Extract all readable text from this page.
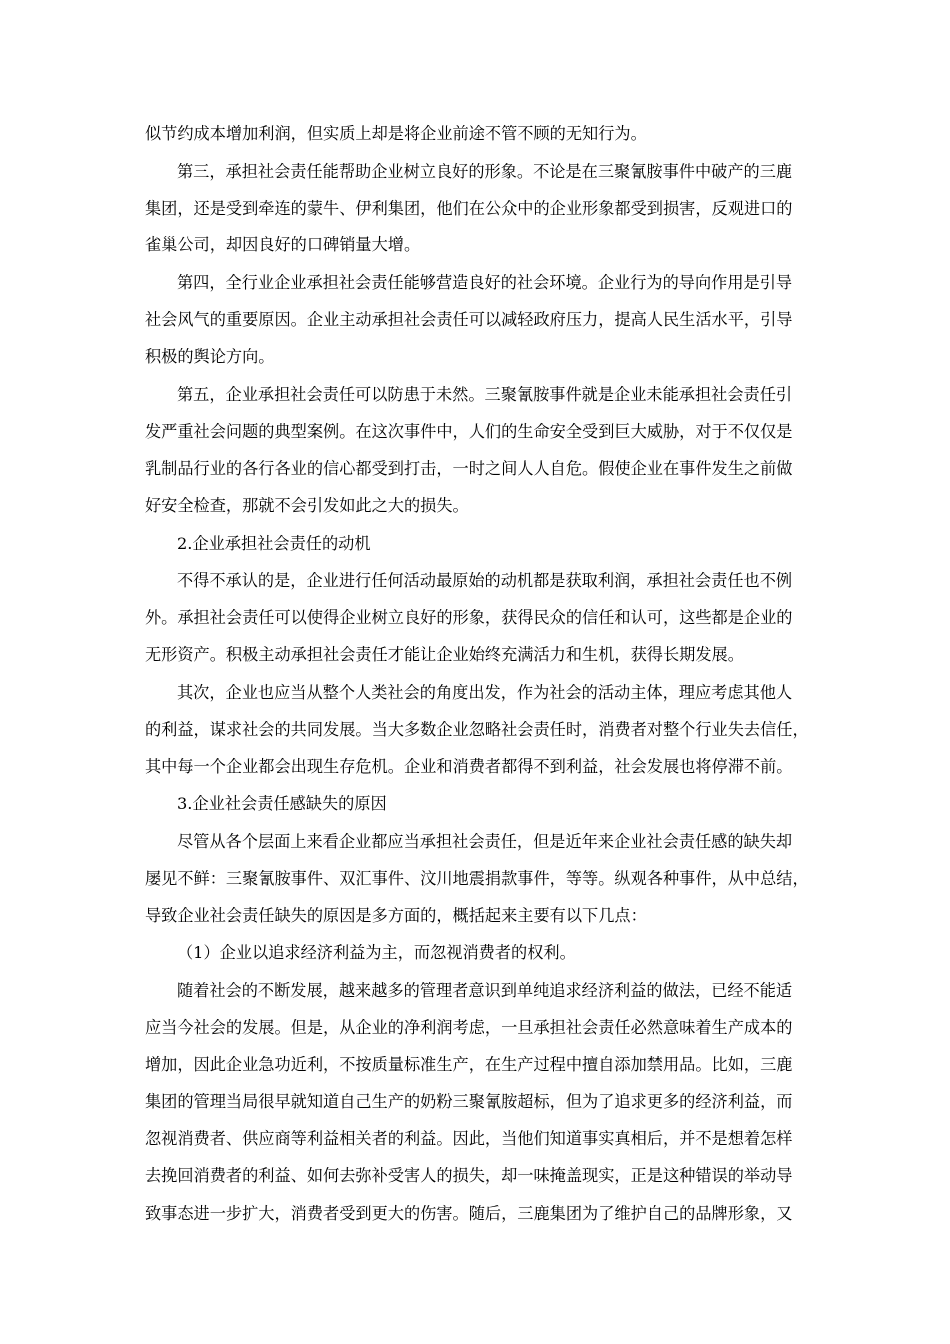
似节约成本增加利润，但实质上却是将企业前途不管不顾的无知行为。
第三，承担社会责任能帮助企业树立良好的形象。不论是在三聚氰胺事件中破产的三鹿
集团，还是受到牵连的蒙牛、伊利集团，他们在公众中的企业形象都受到损害，反观进口的
雀巢公司，却因良好的口碑销量大增。
第四，全行业企业承担社会责任能够营造良好的社会环境。企业行为的导向作用是引导
社会风气的重要原因。企业主动承担社会责任可以减轻政府压力，提高人民生活水平，引导
积极的舆论方向。
第五，企业承担社会责任可以防患于未然。三聚氰胺事件就是企业未能承担社会责任引
发严重社会问题的典型案例。在这次事件中，人们的生命安全受到巨大威胁，对于不仅仅是
乳制品行业的各行各业的信心都受到打击，一时之间人人自危。假使企业在事件发生之前做
好安全检查，那就不会引发如此之大的损失。
2.企业承担社会责任的动机
不得不承认的是，企业进行任何活动最原始的动机都是获取利润，承担社会责任也不例
外。承担社会责任可以使得企业树立良好的形象，获得民众的信任和认可，这些都是企业的
无形资产。积极主动承担社会责任才能让企业始终充满活力和生机，获得长期发展。
其次，企业也应当从整个人类社会的角度出发，作为社会的活动主体，理应考虑其他人
的利益，谋求社会的共同发展。当大多数企业忽略社会责任时，消费者对整个行业失去信任，
其中每一个企业都会出现生存危机。企业和消费者都得不到利益，社会发展也将停滞不前。
3.企业社会责任感缺失的原因
尽管从各个层面上来看企业都应当承担社会责任，但是近年来企业社会责任感的缺失却
屡见不鲜：三聚氰胺事件、双汇事件、汶川地震捐款事件，等等。纵观各种事件，从中总结，
导致企业社会责任缺失的原因是多方面的，概括起来主要有以下几点：
（1）企业以追求经济利益为主，而忽视消费者的权利。
随着社会的不断发展，越来越多的管理者意识到单纯追求经济利益的做法，已经不能适
应当今社会的发展。但是，从企业的净利润考虑，一旦承担社会责任必然意味着生产成本的
增加，因此企业急功近利，不按质量标准生产，在生产过程中擅自添加禁用品。比如，三鹿
集团的管理当局很早就知道自己生产的奶粉三聚氰胺超标，但为了追求更多的经济利益，而
忽视消费者、供应商等利益相关者的利益。因此，当他们知道事实真相后，并不是想着怎样
去挽回消费者的利益、如何去弥补受害人的损失，却一味掩盖现实，正是这种错误的举动导
致事态进一步扩大，消费者受到更大的伤害。随后，三鹿集团为了维护自己的品牌形象，又
